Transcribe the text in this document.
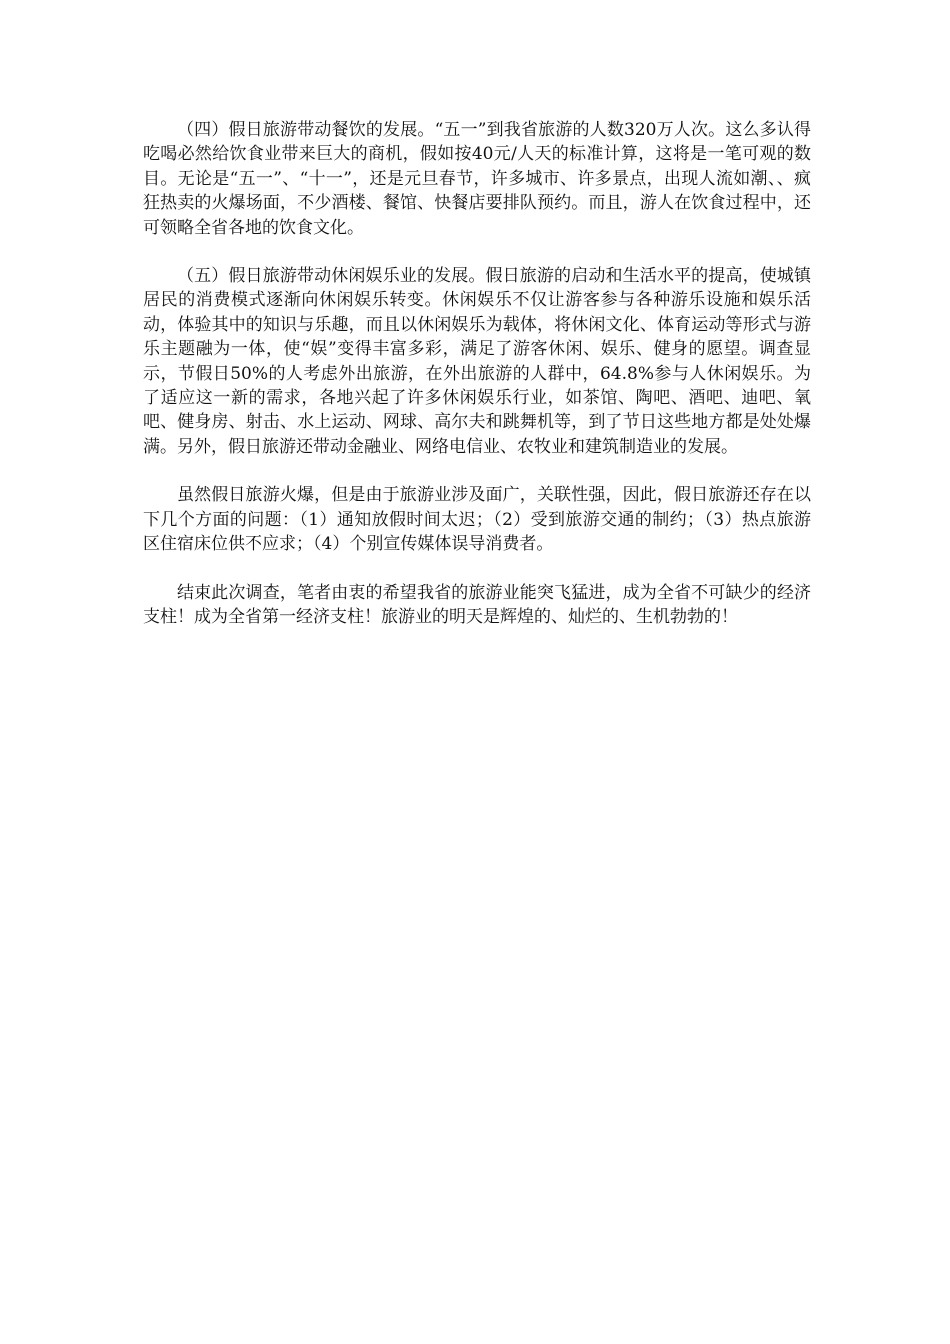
（四）假日旅游带动餐饮的发展。“五一”到我省旅游的人数320万人次。这么多认得吃喝必然给饮食业带来巨大的商机，假如按40元/人天的标准计算，这将是一笔可观的数目。无论是“五一”、“十一”，还是元旦春节，许多城市、许多景点，出现人流如潮、、疯狂热卖的火爆场面，不少酒楼、餐馆、快餐店要排队预约。而且，游人在饮食过程中，还可领略全省各地的饮食文化。

（五）假日旅游带动休闲娱乐业的发展。假日旅游的启动和生活水平的提高，使城镇居民的消费模式逐渐向休闲娱乐转变。休闲娱乐不仅让游客参与各种游乐设施和娱乐活动，体验其中的知识与乐趣，而且以休闲娱乐为载体，将休闲文化、体育运动等形式与游乐主题融为一体，使“娱”变得丰富多彩，满足了游客休闲、娱乐、健身的愿望。调查显示，节假日50%的人考虑外出旅游，在外出旅游的人群中，64.8%参与人休闲娱乐。为了适应这一新的需求，各地兴起了许多休闲娱乐行业，如茶馆、陶吧、酒吧、迪吧、氧吧、健身房、射击、水上运动、网球、高尔夫和跳舞机等，到了节日这些地方都是处处爆满。另外，假日旅游还带动金融业、网络电信业、农牧业和建筑制造业的发展。

虽然假日旅游火爆，但是由于旅游业涉及面广，关联性强，因此，假日旅游还存在以下几个方面的问题：（1）通知放假时间太迟；（2）受到旅游交通的制约；（3）热点旅游区住宿床位供不应求；（4）个别宣传媒体误导消费者。

结束此次调查，笔者由衷的希望我省的旅游业能突飞猛进，成为全省不可缺少的经济支柱！成为全省第一经济支柱！旅游业的明天是辉煌的、灿烂的、生机勃勃的！
